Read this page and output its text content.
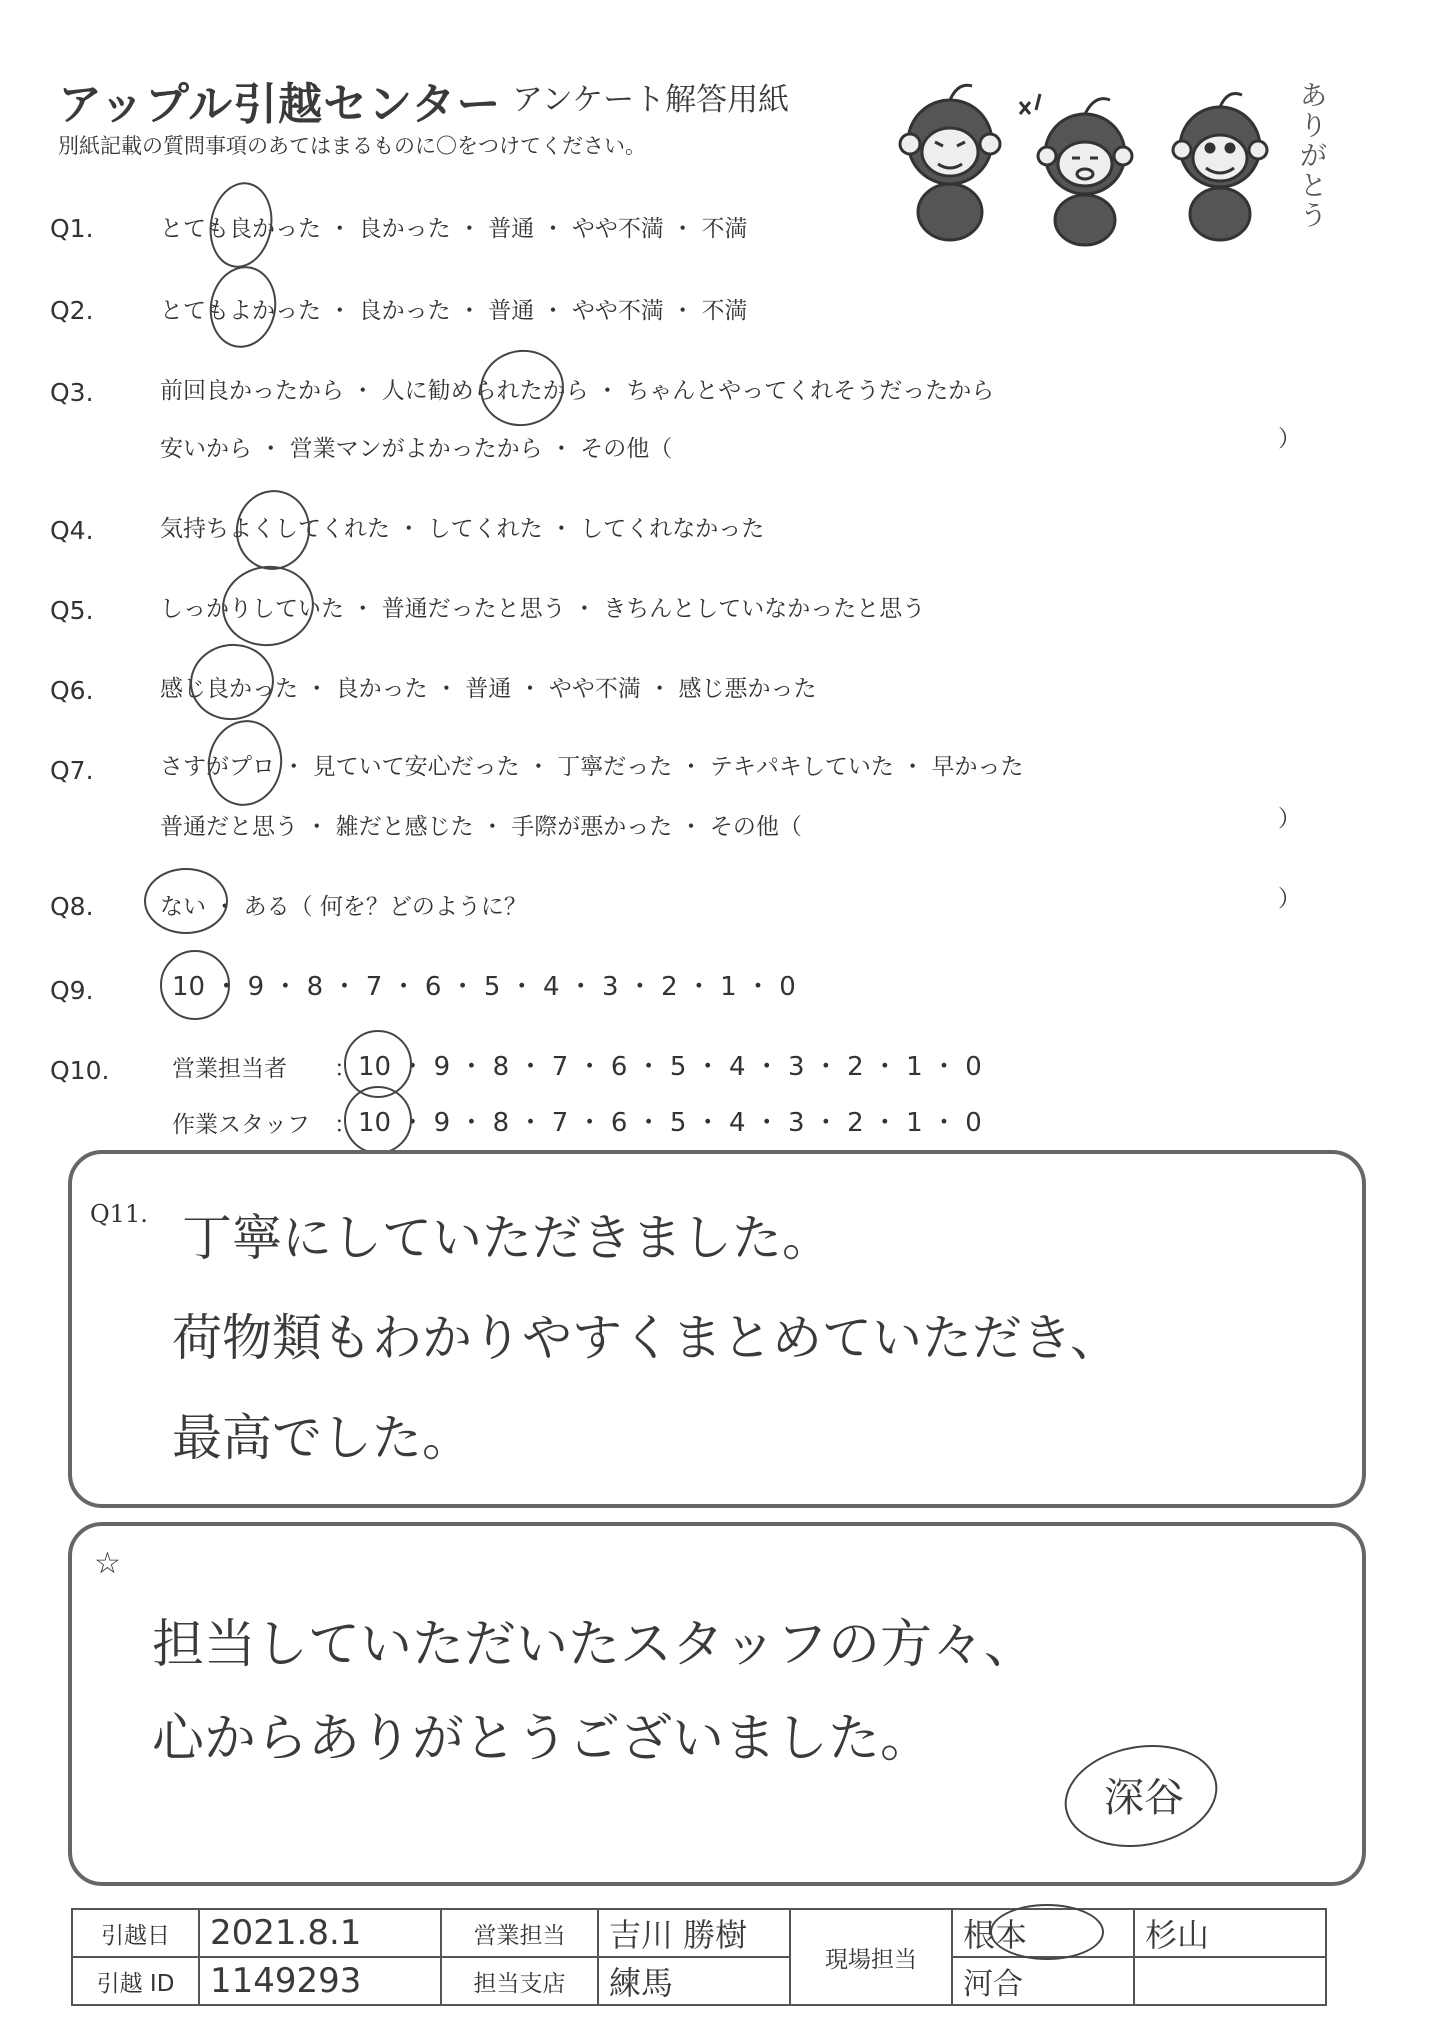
アップル引越センター アンケート解答用紙
別紙記載の質問事項のあてはまるものに〇をつけてください。
ありがとう
Q1.	とても良かった ・ 良かった ・ 普通 ・ やや不満 ・ 不満
Q2.	とてもよかった ・ 良かった ・ 普通 ・ やや不満 ・ 不満
Q3.	前回良かったから ・ 人に勧められたから ・ ちゃんとやってくれそうだったから
安いから ・ 営業マンがよかったから ・ その他（	）
Q4.	気持ちよくしてくれた ・ してくれた ・ してくれなかった
Q5.	しっかりしていた ・ 普通だったと思う ・ きちんとしていなかったと思う
Q6.	感じ良かった ・ 良かった ・ 普通 ・ やや不満 ・ 感じ悪かった
Q7.	さすがプロ ・ 見ていて安心だった ・ 丁寧だった ・ テキパキしていた ・ 早かった
普通だと思う ・ 雑だと感じた ・ 手際が悪かった ・ その他（	）
Q8.	ない ・ ある（ 何を？どのように？	）
Q9.	10 ・ 9 ・ 8 ・ 7 ・ 6 ・ 5 ・ 4 ・ 3 ・ 2 ・ 1 ・ 0
Q10.	営業担当者 ： 10 ・ 9 ・ 8 ・ 7 ・ 6 ・ 5 ・ 4 ・ 3 ・ 2 ・ 1 ・ 0
作業スタッフ ： 10 ・ 9 ・ 8 ・ 7 ・ 6 ・ 5 ・ 4 ・ 3 ・ 2 ・ 1 ・ 0
Q11. 丁寧にしていただきました。
荷物類もわかりやすくまとめていただき、
最高でした。
☆
担当していただいたスタッフの方々、
心からありがとうございました。
深谷
引越日	2021.8.1	営業担当	吉川 勝樹	現場担当	根本	杉山
引越 ID	1149293	担当支店	練馬		河合	
